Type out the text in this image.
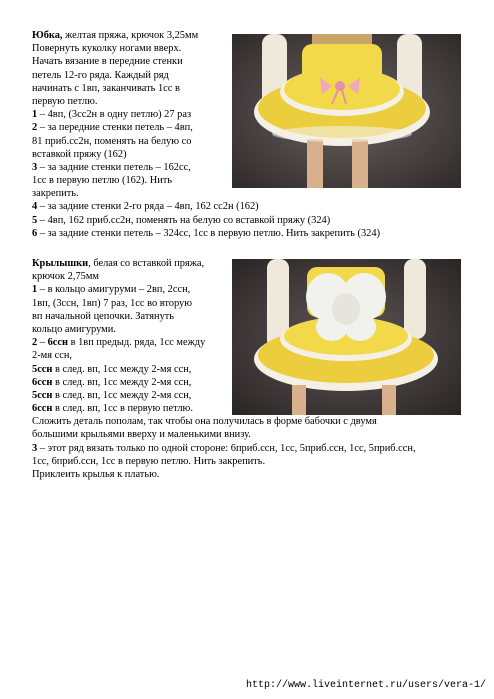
Юбка, желтая пряжа, крючок 3,25мм
Повернуть куколку ногами вверх.
Начать вязание в передние стенки
петель 12-го ряда. Каждый ряд
начинать с 1вп, заканчивать 1сс в
первую петлю.
1 – 4вп, (3сс2н в одну петлю) 27 раз
2 – за передние стенки петель – 4вп,
81 приб.сс2н, поменять на белую со
вставкой пряжу (162)
3 – за задние стенки петель – 162сс,
1сс в первую петлю (162). Нить
закрепить.
4 – за задние стенки 2-го ряда – 4вп, 162 сс2н (162)
5 – 4вп, 162 приб.сс2н, поменять на белую со вставкой пряжу (324)
6 – за задние стенки петель – 324сс, 1сс в первую петлю. Нить закрепить (324)
Крылышки, белая со вставкой пряжа,
крючок 2,75мм
1 – в кольцо амигуруми – 2вп, 2ссн,
1вп, (3ссн, 1вп) 7 раз, 1сс во вторую
вп начальной цепочки. Затянуть
кольцо амигуруми.
2 – 6ссн в 1вп предыд. ряда, 1сс между
2-мя ссн,
5ссн в след. вп, 1сс между 2-мя ссн,
6ссн в след. вп, 1сс между 2-мя ссн,
5ссн в след. вп, 1сс между 2-мя ссн,
6ссн в след. вп, 1сс в первую петлю.
Сложить деталь пополам, так чтобы она получилась в форме бабочки с двумя
большими крыльями вверху и маленькими внизу.
3 – этот ряд вязать только по одной стороне: 6приб.ссн, 1сс, 5приб.ссн, 1сс, 5приб.ссн,
1сс, 6приб.ссн, 1сс в первую петлю. Нить закрепить.
Приклеить крылья к платью.
http://www.liveinternet.ru/users/vera-1/
